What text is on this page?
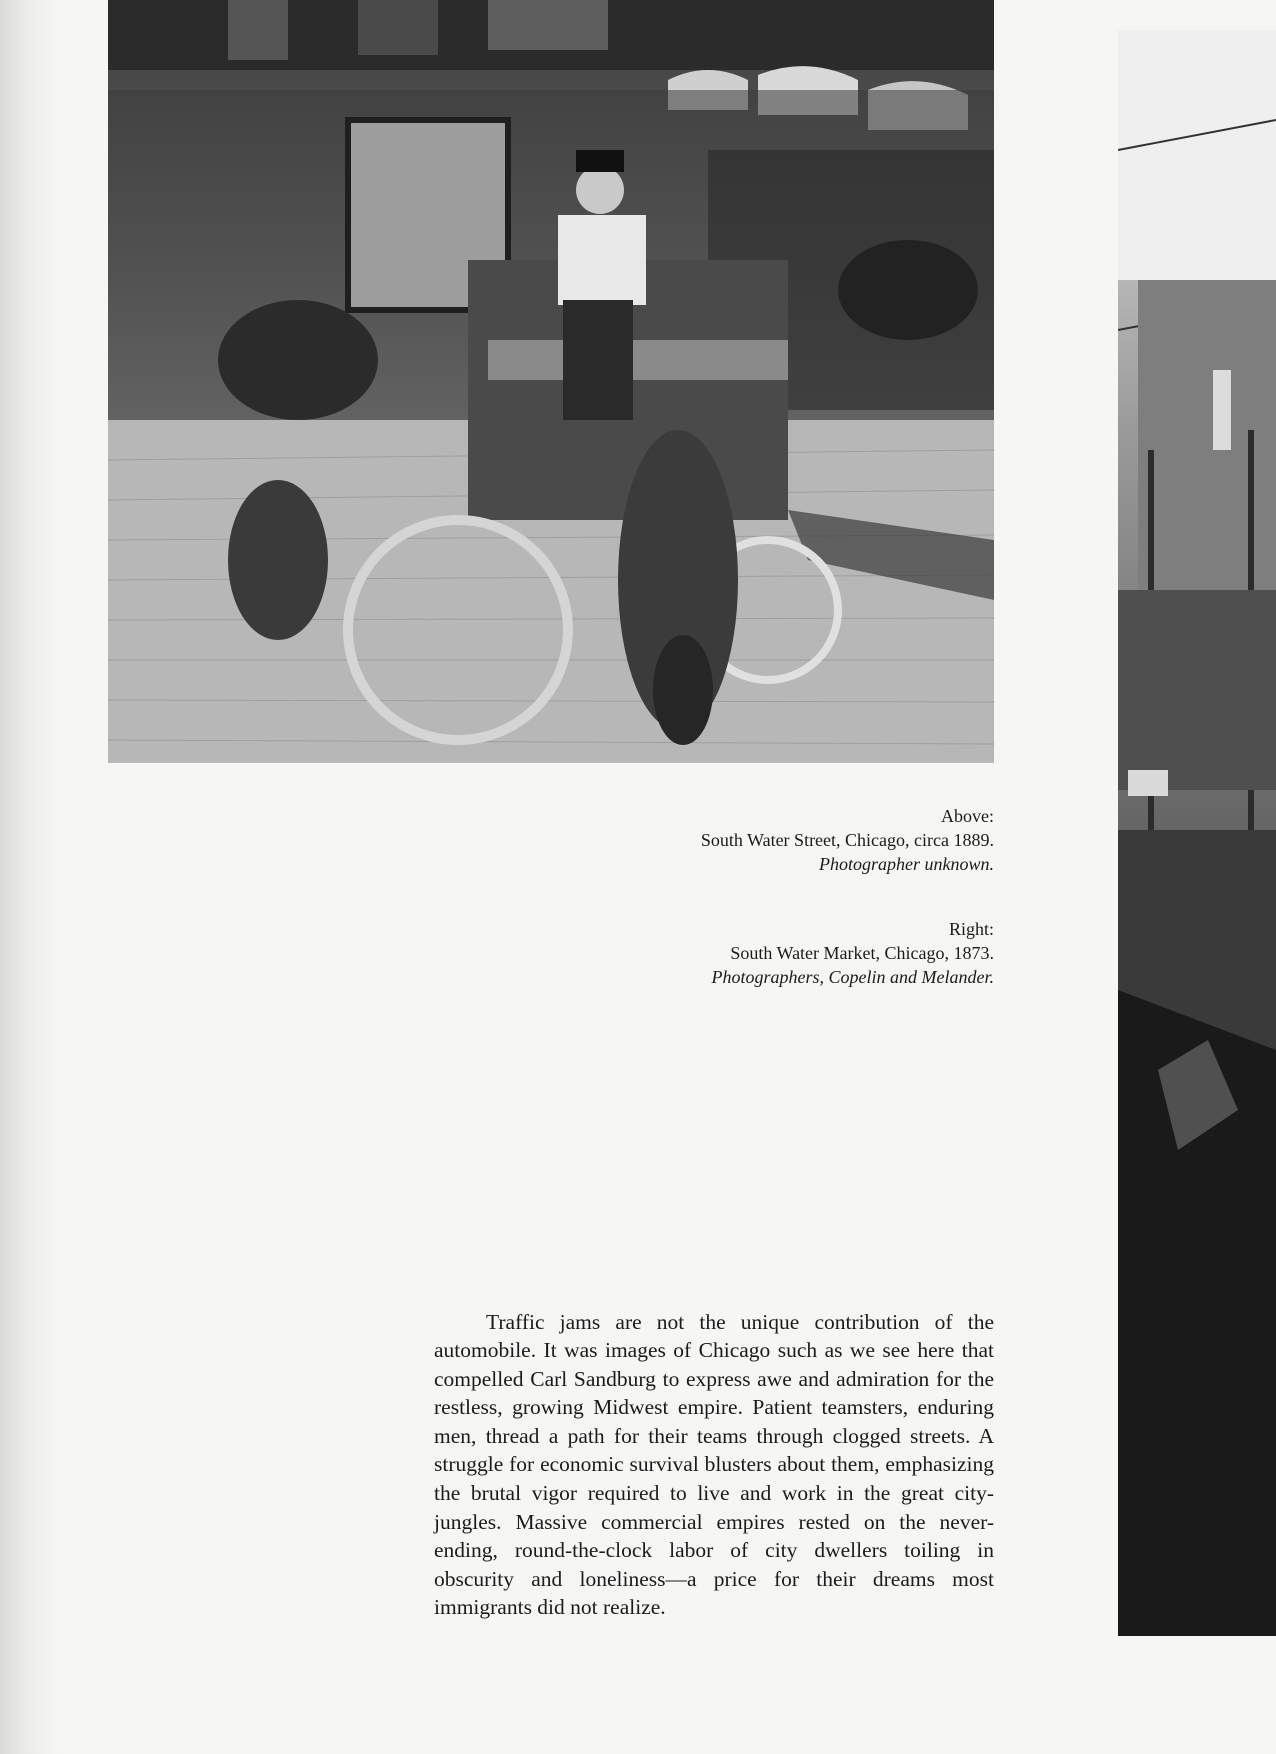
Above:
South Water Street, Chicago, circa 1889.
Photographer unknown.
Right:
South Water Market, Chicago, 1873.
Photographers, Copelin and Melander.

Traffic jams are not the unique contribution of the automobile. It was images of Chicago such as we see here that compelled Carl Sandburg to express awe and admiration for the restless, growing Midwest empire. Patient teamsters, enduring men, thread a path for their teams through clogged streets. A struggle for economic survival blusters about them, emphasizing the brutal vigor required to live and work in the great city-jungles. Massive commercial empires rested on the never-ending, round-the-clock labor of city dwellers toiling in obscurity and loneliness—a price for their dreams most immigrants did not realize.
